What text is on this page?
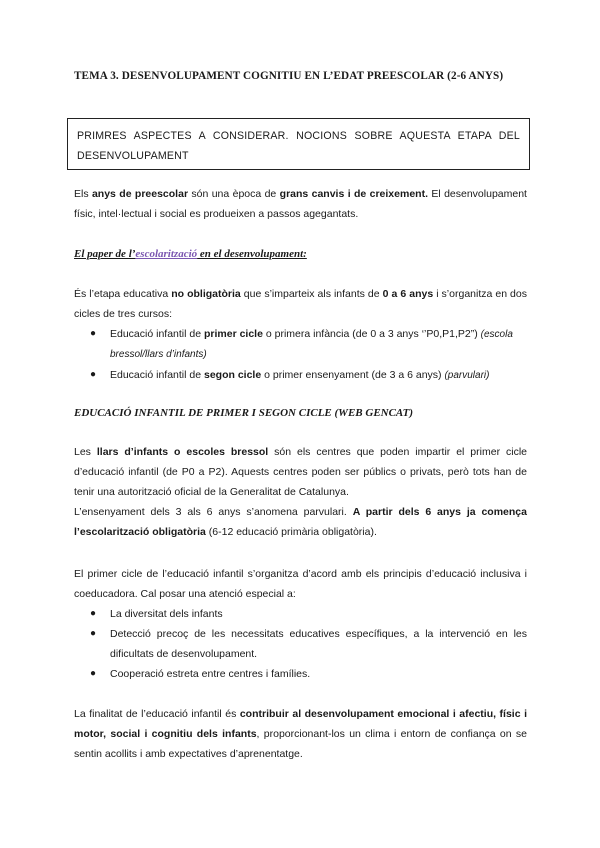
TEMA 3. DESENVOLUPAMENT COGNITIU EN L’EDAT PREESCOLAR (2-6 ANYS)
PRIMRES ASPECTES A CONSIDERAR. NOCIONS SOBRE AQUESTA ETAPA DEL
DESENVOLUPAMENT
Els anys de preescolar són una època de grans canvis i de creixement. El desenvolupament
físic, intel·lectual i social es produeixen a passos agegantats.
El paper de l’escolarització en el desenvolupament:
És l’etapa educativa no obligatòria que s’imparteix als infants de 0 a 6 anys i s’organitza en dos
cicles de tres cursos:
● Educació infantil de primer cicle o primera infància (de 0 a 3 anys ‘’P0,P1,P2”) (escola
bressol/llars d’infants)
● Educació infantil de segon cicle o primer ensenyament (de 3 a 6 anys) (parvulari)
EDUCACIÓ INFANTIL DE PRIMER I SEGON CICLE (WEB GENCAT)
Les llars d’infants o escoles bressol són els centres que poden impartir el primer cicle
d’educació infantil (de P0 a P2). Aquests centres poden ser públics o privats, però tots han de
tenir una autorització oficial de la Generalitat de Catalunya.
L’ensenyament dels 3 als 6 anys s’anomena parvulari. A partir dels 6 anys ja comença
l’escolarització obligatòria (6-12 educació primària obligatòria).
El primer cicle de l’educació infantil s’organitza d’acord amb els principis d’educació inclusiva i
coeducadora. Cal posar una atenció especial a:
● La diversitat dels infants
● Detecció precoç de les necessitats educatives específiques, a la intervenció en les
dificultats de desenvolupament.
● Cooperació estreta entre centres i famílies.
La finalitat de l’educació infantil és contribuir al desenvolupament emocional i afectiu, físic i
motor, social i cognitiu dels infants, proporcionant-los un clima i entorn de confiança on se
sentin acollits i amb expectatives d’aprenentatge.
